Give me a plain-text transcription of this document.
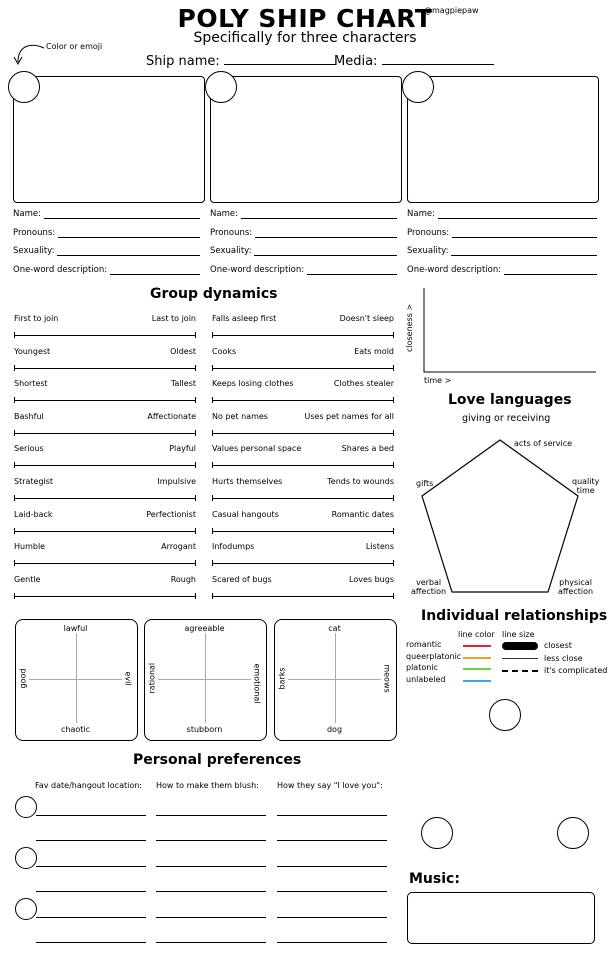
POLY SHIP CHART
@magpiepaw
Specifically for three characters
Ship name:	Media:
Color or emoji
Name:
Pronouns:
Sexuality:
One-word description:
Name:
Pronouns:
Sexuality:
One-word description:
Name:
Pronouns:
Sexuality:
One-word description:
Group dynamics
First to join	Last to join
Youngest	Oldest
Shortest	Tallest
Bashful	Affectionate
Serious	Playful
Strategist	Impulsive
Laid-back	Perfectionist
Humble	Arrogant
Gentle	Rough
Falls asleep first	Doesn't sleep
Cooks	Eats mold
Keeps losing clothes	Clothes stealer
No pet names	Uses pet names for all
Values personal space	Shares a bed
Hurts themselves	Tends to wounds
Casual hangouts	Romantic dates
Infodumps	Listens
Scared of bugs	Loves bugs
closeness >
time >
Love languages
giving or receiving
acts of service
gifts	quality
time
verbal
affection
physical
affection
lawful
chaotic
good	evil
agreeable
stubborn
rational	emotional
cat
dog
barks	meows
Individual relationships
line color line size
romantic
queerplatonic
platonic
unlabeled
closest
less close
it's complicated
Personal preferences
Fav date/hangout location: How to make them blush: How they say "I love you":
Music:
